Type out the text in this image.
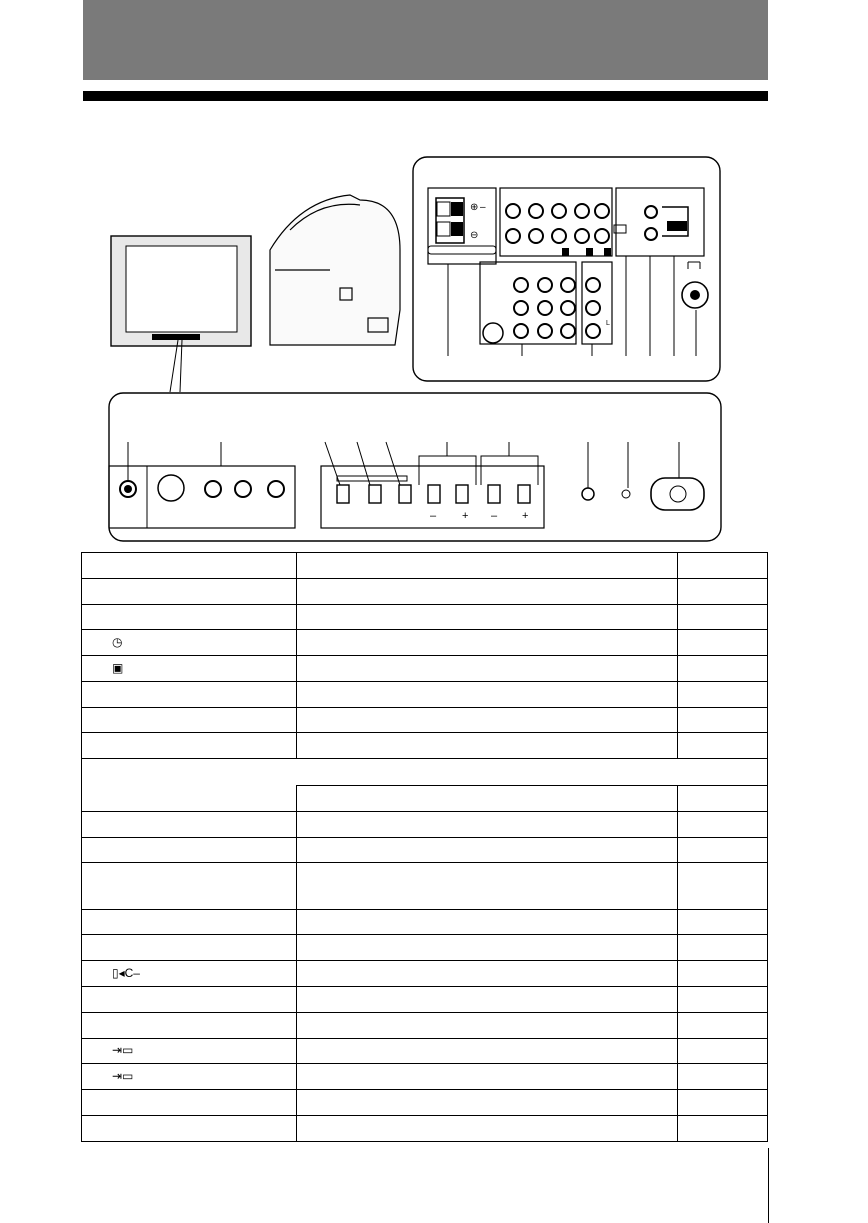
⊕ –
⊖
– + – +
L

◷		
▣		

▯◂C–		

⇥▭		
⇥▭		
